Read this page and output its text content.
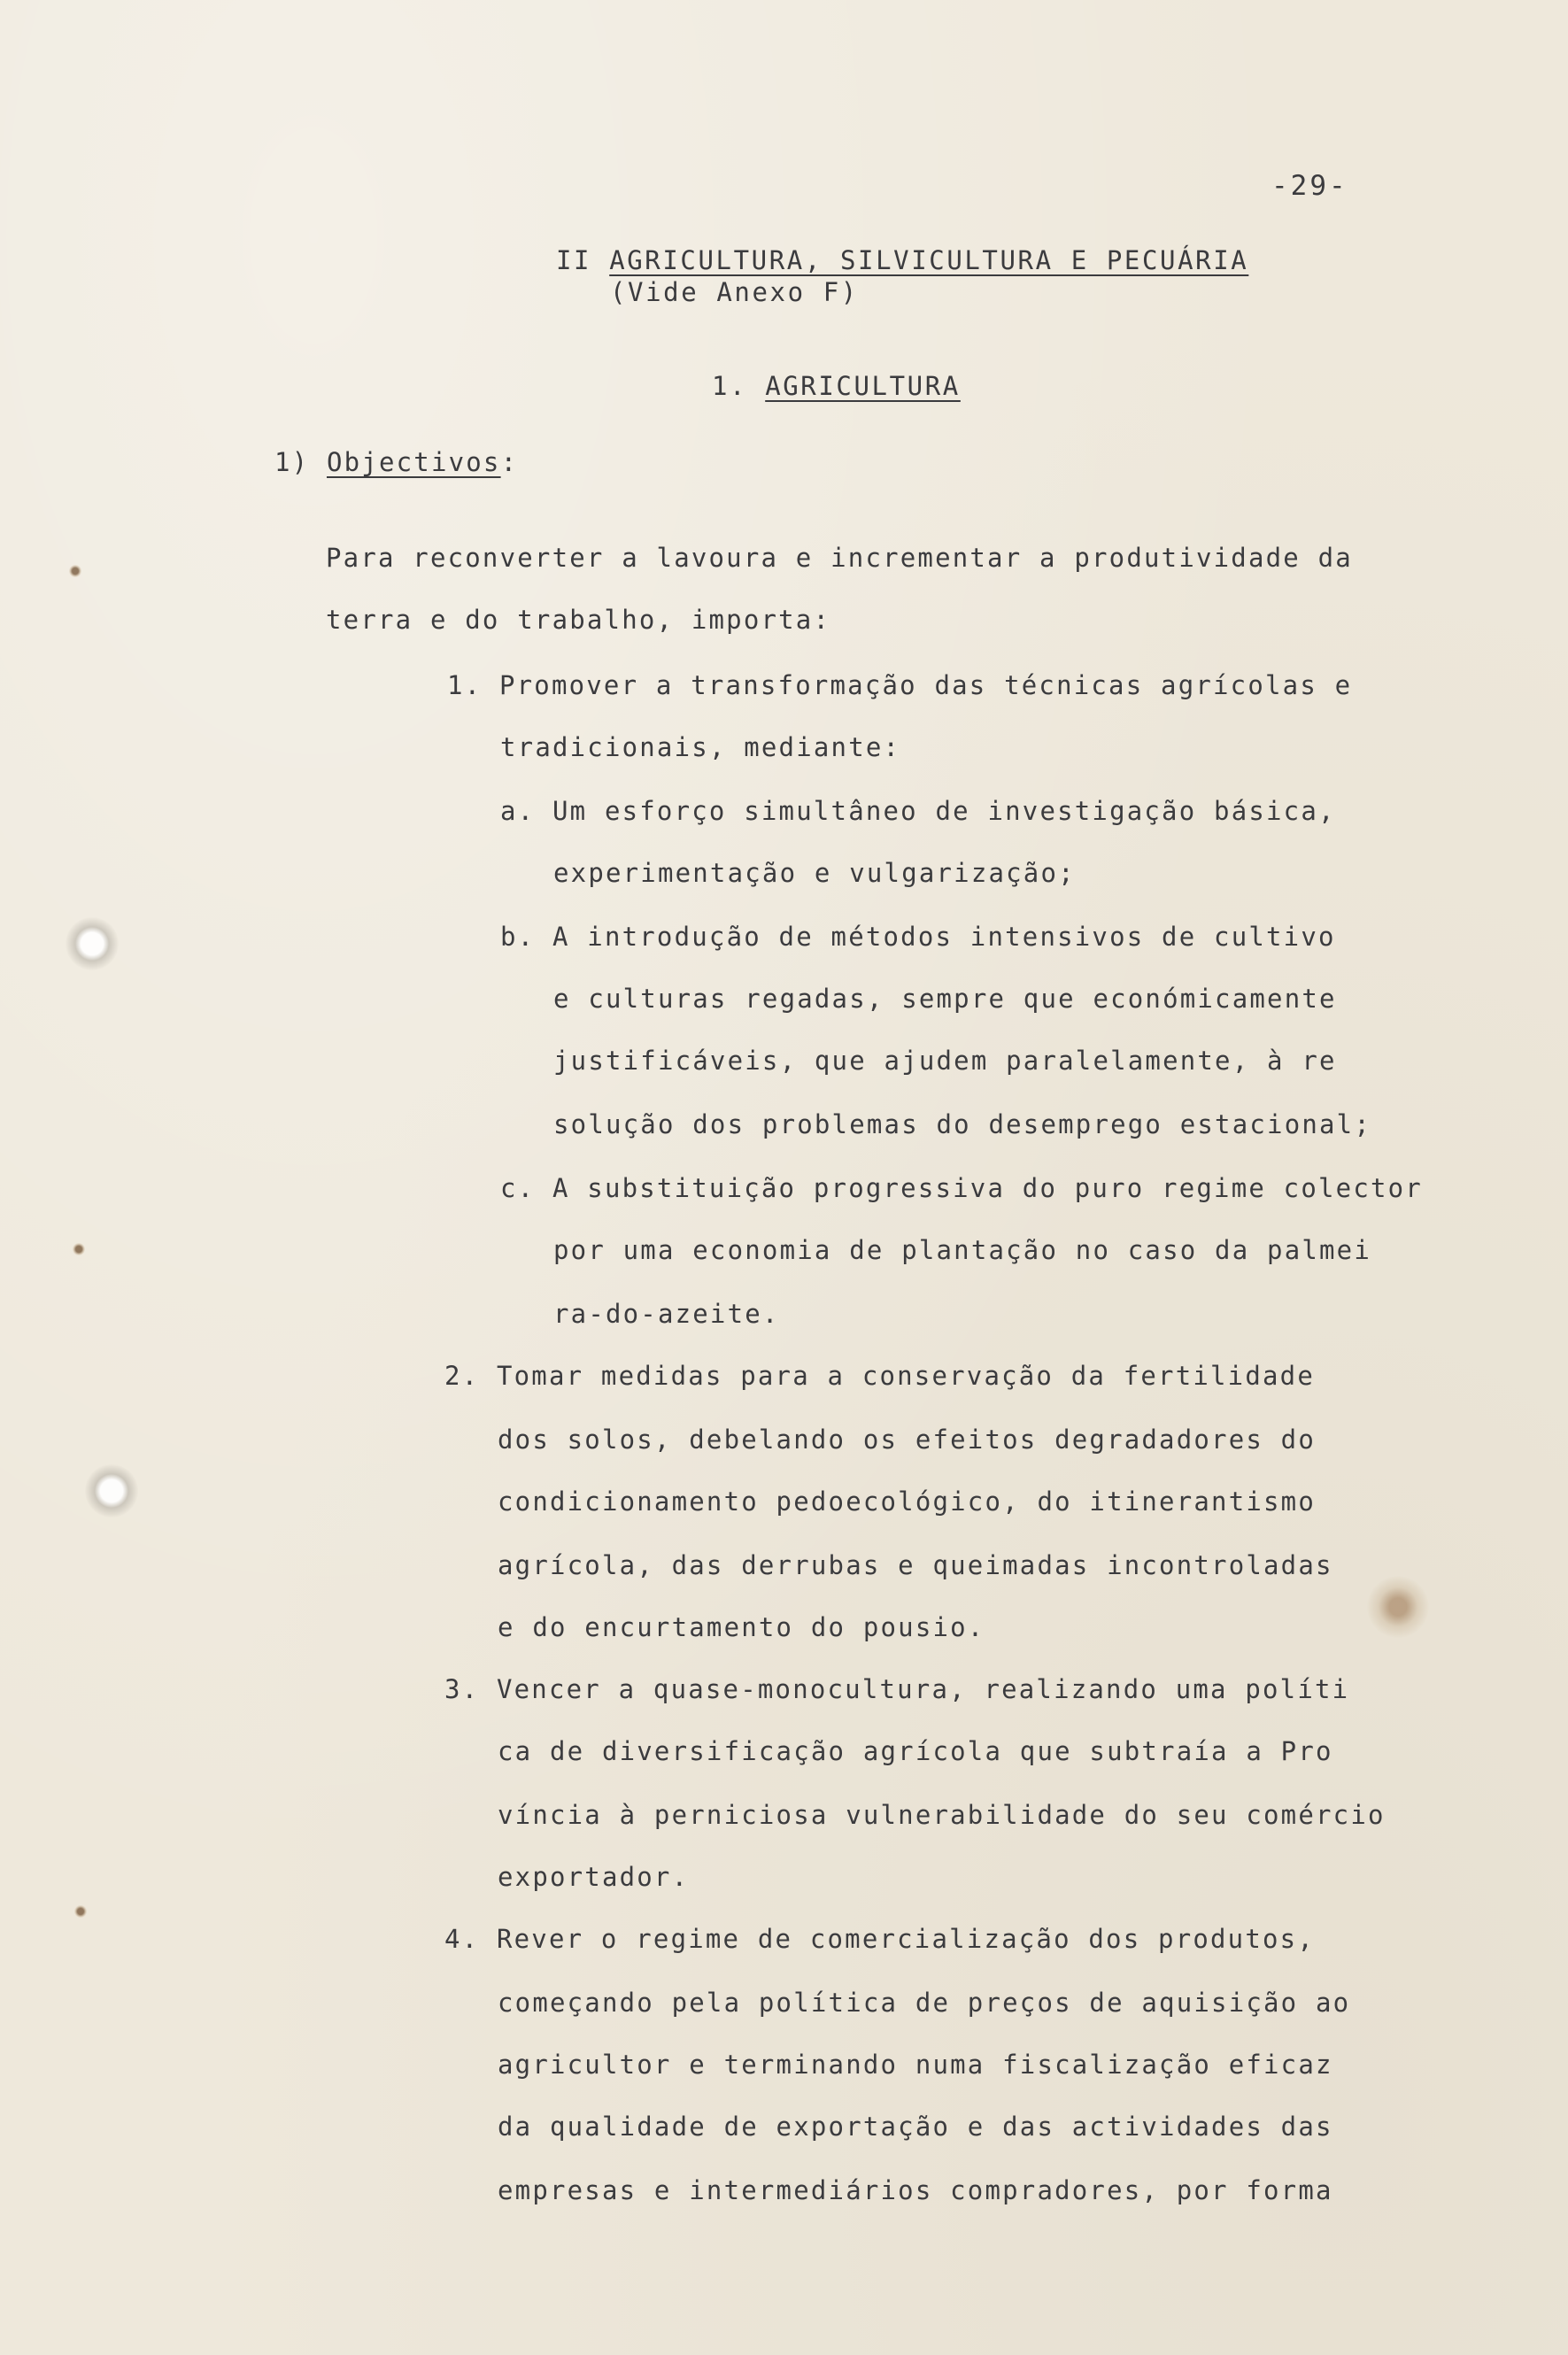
-29-
II AGRICULTURA, SILVICULTURA E PECUÁRIA
(Vide Anexo F)
1. AGRICULTURA
1) Objectivos:
Para reconverter a lavoura e incrementar a produtividade da
terra e do trabalho, importa:
1. Promover a transformação das técnicas agrícolas e
tradicionais, mediante:
a. Um esforço simultâneo de investigação básica,
experimentação e vulgarização;
b. A introdução de métodos intensivos de cultivo
e culturas regadas, sempre que económicamente
justificáveis, que ajudem paralelamente, à re
solução dos problemas do desemprego estacional;
c. A substituição progressiva do puro regime colector
por uma economia de plantação no caso da palmei
ra-do-azeite.
2. Tomar medidas para a conservação da fertilidade
dos solos, debelando os efeitos degradadores do
condicionamento pedoecológico, do itinerantismo
agrícola, das derrubas e queimadas incontroladas
e do encurtamento do pousio.
3. Vencer a quase-monocultura, realizando uma políti
ca de diversificação agrícola que subtraía a Pro
víncia à perniciosa vulnerabilidade do seu comércio
exportador.
4. Rever o regime de comercialização dos produtos,
começando pela política de preços de aquisição ao
agricultor e terminando numa fiscalização eficaz
da qualidade de exportação e das actividades das
empresas e intermediários compradores, por forma
